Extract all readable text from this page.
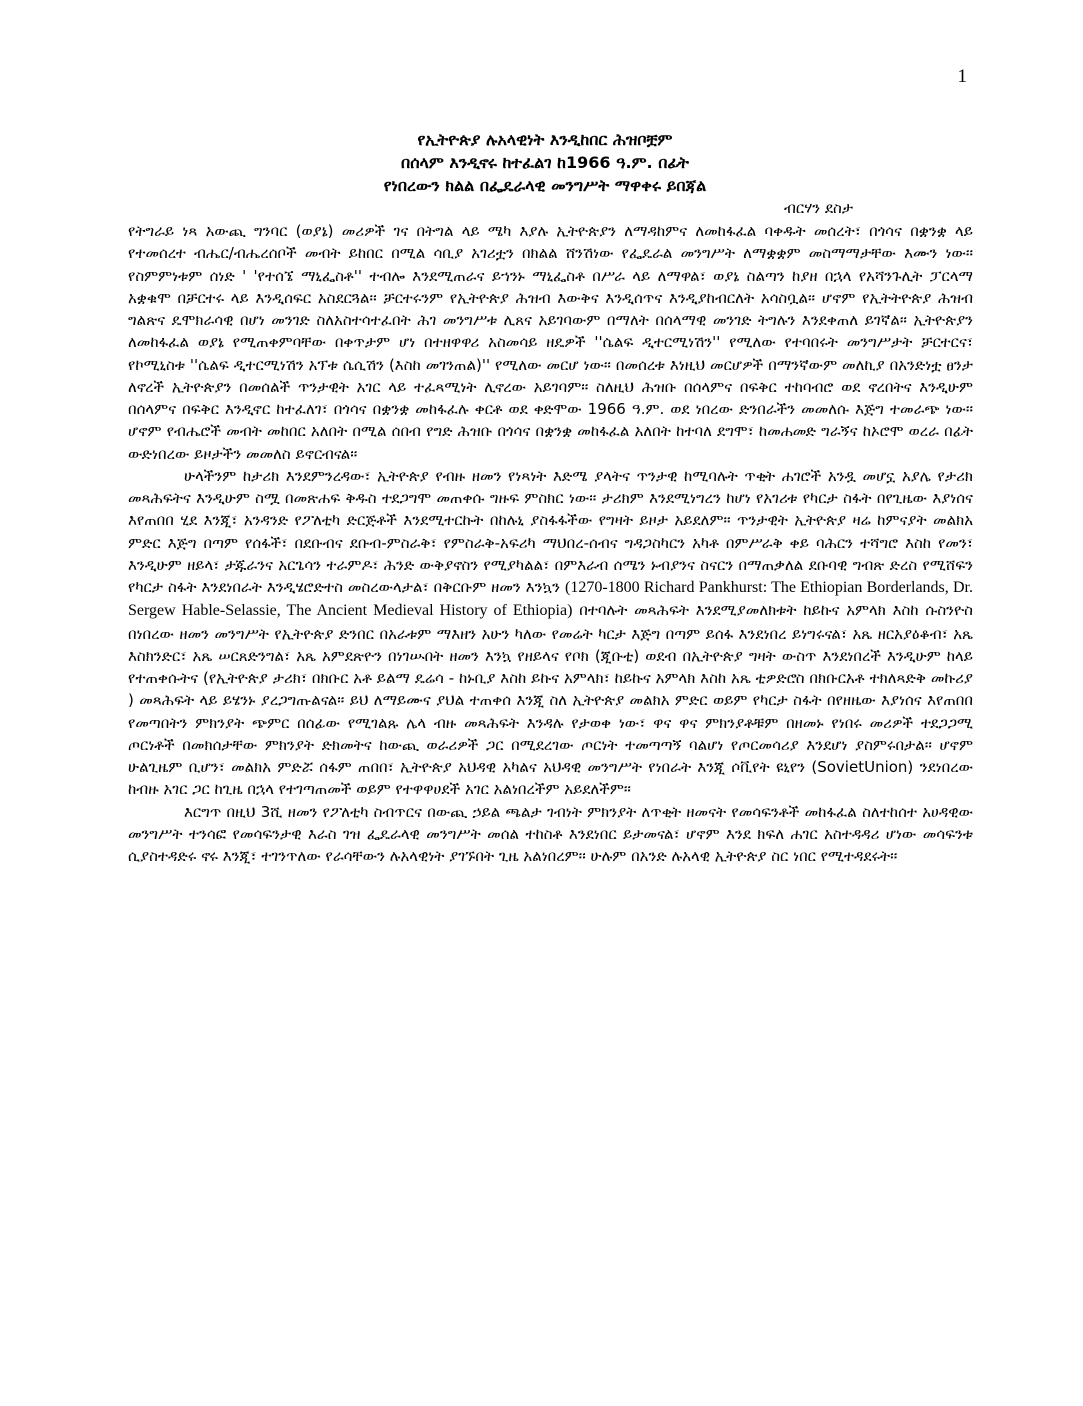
1
የኢትዮጵያ ሉአላዊነት እንዲከበር ሕዝቦቿም
በሰላም እንዲኖሩ ከተፈልገ ከ1966 ዓ.ም. በፊት
የነበረውን ክልል በፌዴራላዊ መንግሥት ማዋቀሩ ይበጃል
ብርሃን ደስታ

የትግራይ ነጻ አውጪ ግንባር (ወያኔ) መሪዎች ገና በትግል ላይ ሜካ እያሉ ኢትዮጵያን ለማዳከምና ለመከፋፈል ባቀዱት መሰረት፣ በጎሳና በቋንቋ ላይ የተመሰረተ ብሔር/ብሔረሰቦች መብት ይከበር በሚል ሳቢያ አገሪቷን በክልል ሸንሽነው የፌዴራል መንግሥት ለማቋቋም መስማማታቸው እሙን ነው፡፡ የስምምነቱም ሰነድ ' 'የተሰኜ ማኒፌስቶ'' ተብሎ እንደሚጠራና ይኀንኑ ማኒፌስቶ በሥራ ላይ ለማዋል፣ ወያኔ ስልጣን ከያዘ በኋላ የአሻንጉሊት ፓርላማ አቋቁሞ በቻርተሩ ላይ እንዲሰፍር አስደርጓል፡፡ ቻርተሩንም የኢትዮጵያ ሕዝብ እውቅና እንዲሰጥና እንዲያከብርለት አሳስቧል፡፡ ሆኖም የኢትትዮጵያ ሕዝብ ግልጽና ዴሞክራሳዊ በሆነ መንገድ ስለአስተሳተፈበት ሕገ መንግሥቱ ሊጸና አይገባውም በማለት በሰላማዊ መንገድ ትግሉን እንደቀጠለ ይገኛል፡፡ ኢትዮጵያን ለመከፋፈል ወያኔ የሚጠቀምባቸው በቀጥታም ሆነ በተዘዋዋሪ አስመሳይ ዘዴዎች ''ሴልፍ ዲተርሚነሽን'' የሚለው የተባበሩት መንግሥታት ቻርተርና፣ የኮሚኒስቱ ''ሴልፍ ዲተርሚነሽን አፕቱ ሴሲሽን (እስከ መገንጠል)'' የሚለው መርሆ ነው፡፡ በመሰረቱ እነዚህ መርሆዎች በማንኛውም መለኪያ በአንድነቷ ፀንታ ለኖረች ኢትዮጵያን በመሰልች ጥንታዊት አገር ላይ ተፈጻሚነት ሊኖረው አይገባም፡፡ ስለዚህ ሕዝቡ በሰላምና በፍቅር ተከባብሮ ወደ ኖረበትና እንዲሁም በሰላምና በፍቅር እንዲኖር ከተፈለገ፣ በጎሳና በቋንቋ መከፋፈሉ ቀርቶ ወደ ቀድሞው 1966 ዓ.ም. ወደ ነበረው ድንበራችን መመለሱ እጅግ ተመራጭ ነው፡፡ ሆኖም የብሔሮች መብት መከበር አለበት በሚል ሰበብ የግድ ሕዝቡ በጎሳና በቋንቋ መከፋፈል አለበት ከተባለ ደግሞ፣ ከመሐመድ ግራኝና ከኦሮሞ ወረራ በፊት ውድነበረው ይዞታችን መመለስ ይኖርብናል፡፡

ሁላችንም ከታሪክ እንደምንረዳው፣ ኢትዮጵያ የብዙ ዘመን የነጻነት እድሜ ያላትና ጥንታዊ ከሚባሉት ጥቂት ሐገሮች አንዷ መሆኗ አያሌ የታሪክ መጻሕፍትና እንዲሁም ስሟ በመጽሐፍ ቅዱስ ተደጋግሞ መጠቀሱ ግዙፍ ምስክር ነው፡፡ ታሪክም እንደሚነግረን ከሆነ የአገሪቱ የካርታ ስፋት በየጊዜው እያነሰና እየጠበበ ሂደ እንጂ፣ አንዳንድ የፖለቲካ ድርጅቶች እንደሚተርኩት በከሉኒ ያስፋፋችው የግዛት ይዞታ አይደለም፡፡ ጥንታዊት ኢትዮጵያ ዛሬ ከምናያት መልክአ ምድር እጅግ በጣም የሰፋች፣ በደቡብና ደቡብ-ምስራቅ፣ የምስራቅ-አፍሪካ ማህበረ-ሰብና ግዳጋስካርን አካቶ በምሥራቅ ቀይ ባሕርን ተሻግሮ እስከ የመን፣ እንዲሁም ዘይላ፣ ታጁራንና አርጌሳን ተራምዶ፣ ሕንድ ውቅያኖስን የሚያካልል፣ በምእራብ ሰሜን ኑብያንና ስናርን በማጠቃለል ደቡባዊ ግብጽ ድረስ የሚሸፍን የካርታ ስፋት እንደነበራት እንዲሄሮድተስ መስረውላታል፣ በቅርቡም ዘመን እንኳን (1270-1800 Richard Pankhurst: The Ethiopian Borderlands, Dr. Sergew Hable-Selassie, The Ancient Medieval History of Ethiopia) በተባሉት መጻሕፍት እንደሚያመለክቱት ከይኩና አምላክ እስከ ሱስንዮስ በነበረው ዘመን መንግሥት የኢትዮጵያ ድንበር በአራቱም ማእዘን አሁን ካለው የመሬት ካርታ እጅግ በጣም ይሰፋ እንደነበረ ይነግሩናል፣ አጼ ዘርአያዕቆብ፣ አጼ እስክንድር፣ አጼ ሠርጸድንግል፣ አጼ አምደጽዮን በነገሡበት ዘመን እንኳ የዘይላና የቦክ (ጂቡቲ) ወደብ በኢትዮጵያ ግዛት ውስጥ እንደነበረች እንዲሁም ከላይ የተጠቀሱትና (የኢትዮጵያ ታሪክ፣ በክቡር አቶ ይልማ ዴሬሳ - ከኑቢያ እስከ ይኩና አምላክ፣ ከይኩና አምላክ እስከ አጼ ቲዎድሮስ በክቡርአቶ ተክለጻድቅ መኩሪያ ) መጻሕፍት ላይ ይሄንኑ ያረጋግጡልናል፡፡ ይህ ለማይሙና ያህል ተጠቀሰ እንጂ ስለ ኢትዮጵያ መልክአ ምድር ወይም የካርታ ስፋት በየዘዜው እያነሰና እየጠበበ የመጣበትን ምክንያት ጭምር በሰፊው የሚገልጹ ሌላ ብዙ መጻሕፍት እንዳሉ የታወቀ ነው፣ ዋና ዋና ምክንያቶቹም በዘመኑ የነበሩ መሪዎች ተደጋጋሚ ጦርነቶች በመክሰታቸው ምክንያት ድክመትና ከውጪ ወራሪዎች ጋር በሚደረገው ጦርነት ተመጣጣኝ ባልሆነ የጦርመሳሪያ እንደሆነ ያስምሩበታል፡፡ ሆኖም ሁልጊዜም ቢሆን፣ መልክአ ምድሯ ሰፋም ጠበበ፣ ኢትዮጵያ አህዳዊ አካልና አህዳዊ መንግሥት የነበራት እንጂ ሶቪየት ዩኒየን (SovietUnion) ንደነበረው ከብዙ አገር ጋር ከጊዜ በኋላ የተገጣጠመች ወይም የተዋዋሀደች አገር አልነበረችም አይደለችም፡፡

እርግጥ በዚህ 3ሺ ዘመን የፖለቲካ ስብጥርና በውጪ ኃይል ጫልታ ገብነት ምክንያት ለጥቂት ዘመናት የመሳፍንቶች መከፋፈል ስለተከሰተ አሀዳዊው መንግሥት ተንሳፎ የመሳፍንታዊ እራስ ገዝ ፌዴራላዊ መንግሥት መሰል ተከስቶ እንደነበር ይታመናል፣ ሆኖም እንደ ክፍለ ሐገር አስተዳዳሪ ሆነው መሳፍንቱ ሲያስተዳድሩ ኖሩ እንጂ፣ ተገንጥለው የራሳቸውን ሉአላዊነት ያገኙበት ጊዜ አልነበረም፡፡ ሁሉም በአንድ ሉአላዊ ኢትዮጵያ ስር ነበር የሚተዳደሩት፡፡
